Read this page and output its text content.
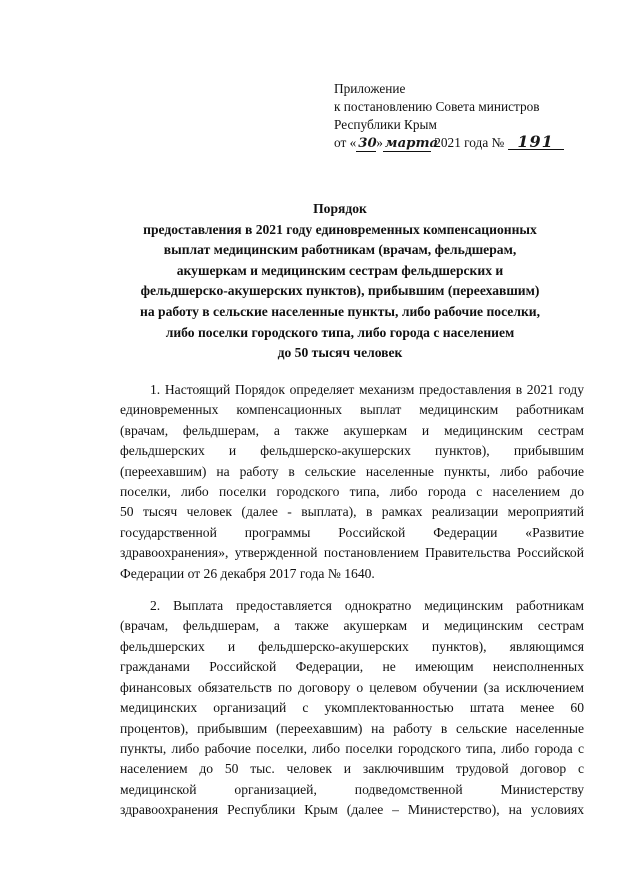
Приложение
к постановлению Совета министров
Республики Крым
от « 30» марта 2021 года № 191
Порядок
предоставления в 2021 году единовременных компенсационных
выплат медицинским работникам (врачам, фельдшерам,
акушеркам и медицинским сестрам фельдшерских и
фельдшерско-акушерских пунктов), прибывшим (переехавшим)
на работу в сельские населенные пункты, либо рабочие поселки,
либо поселки городского типа, либо города с населением
до 50 тысяч человек

1. Настоящий Порядок определяет механизм предоставления в 2021 году
единовременных компенсационных выплат медицинским работникам
(врачам, фельдшерам, а также акушеркам и медицинским сестрам
фельдшерских и фельдшерско-акушерских пунктов), прибывшим
(переехавшим) на работу в сельские населенные пункты, либо рабочие
поселки, либо поселки городского типа, либо города с населением до
50 тысяч человек (далее - выплата), в рамках реализации мероприятий
государственной программы Российской Федерации «Развитие
здравоохранения», утвержденной постановлением Правительства Российской
Федерации от 26 декабря 2017 года № 1640.

2. Выплата предоставляется однократно медицинским работникам
(врачам, фельдшерам, а также акушеркам и медицинским сестрам
фельдшерских и фельдшерско-акушерских пунктов), являющимся
гражданами Российской Федерации, не имеющим неисполненных
финансовых обязательств по договору о целевом обучении (за исключением
медицинских организаций с укомплектованностью штата менее 60
процентов), прибывшим (переехавшим) на работу в сельские населенные
пункты, либо рабочие поселки, либо поселки городского типа, либо города с
населением до 50 тыс. человек и заключившим трудовой договор с
медицинской организацией, подведомственной Министерству
здравоохранения Республики Крым (далее – Министерство), на условиях
